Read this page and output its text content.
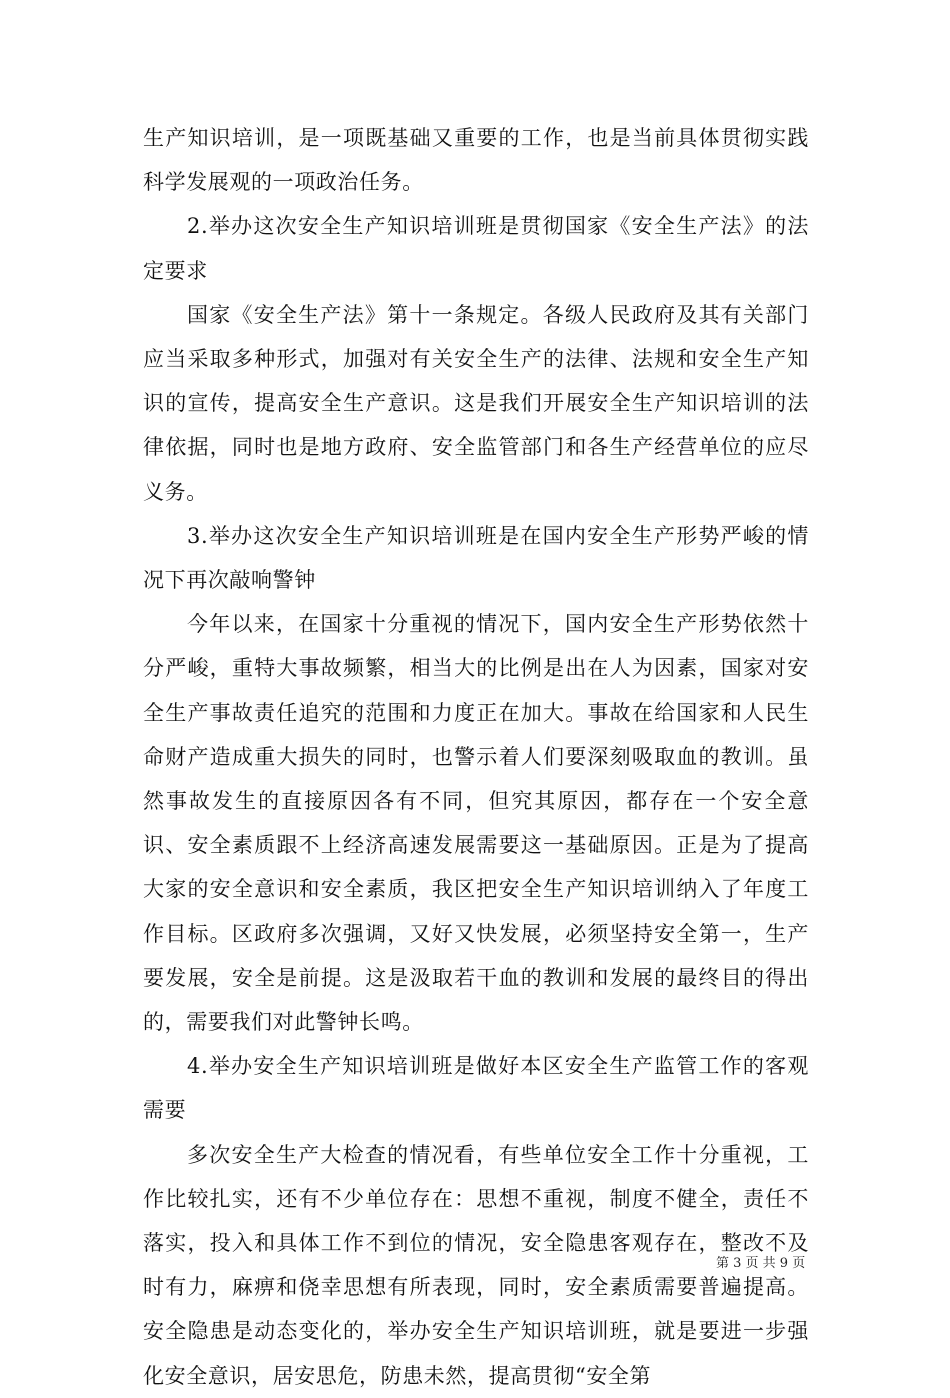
生产知识培训，是一项既基础又重要的工作，也是当前具体贯彻实践科学发展观的一项政治任务。

2.举办这次安全生产知识培训班是贯彻国家《安全生产法》的法定要求

国家《安全生产法》第十一条规定。各级人民政府及其有关部门应当采取多种形式，加强对有关安全生产的法律、法规和安全生产知识的宣传，提高安全生产意识。这是我们开展安全生产知识培训的法律依据，同时也是地方政府、安全监管部门和各生产经营单位的应尽义务。

3.举办这次安全生产知识培训班是在国内安全生产形势严峻的情况下再次敲响警钟

今年以来，在国家十分重视的情况下，国内安全生产形势依然十分严峻，重特大事故频繁，相当大的比例是出在人为因素，国家对安全生产事故责任追究的范围和力度正在加大。事故在给国家和人民生命财产造成重大损失的同时，也警示着人们要深刻吸取血的教训。虽然事故发生的直接原因各有不同，但究其原因，都存在一个安全意识、安全素质跟不上经济高速发展需要这一基础原因。正是为了提高大家的安全意识和安全素质，我区把安全生产知识培训纳入了年度工作目标。区政府多次强调，又好又快发展，必须坚持安全第一，生产要发展，安全是前提。这是汲取若干血的教训和发展的最终目的得出的，需要我们对此警钟长鸣。

4.举办安全生产知识培训班是做好本区安全生产监管工作的客观需要

多次安全生产大检查的情况看，有些单位安全工作十分重视，工作比较扎实，还有不少单位存在：思想不重视，制度不健全，责任不落实，投入和具体工作不到位的情况，安全隐患客观存在，整改不及时有力，麻痹和侥幸思想有所表现，同时，安全素质需要普遍提高。安全隐患是动态变化的，举办安全生产知识培训班，就是要进一步强化安全意识，居安思危，防患未然，提高贯彻“安全第

第 3 页 共 9 页
